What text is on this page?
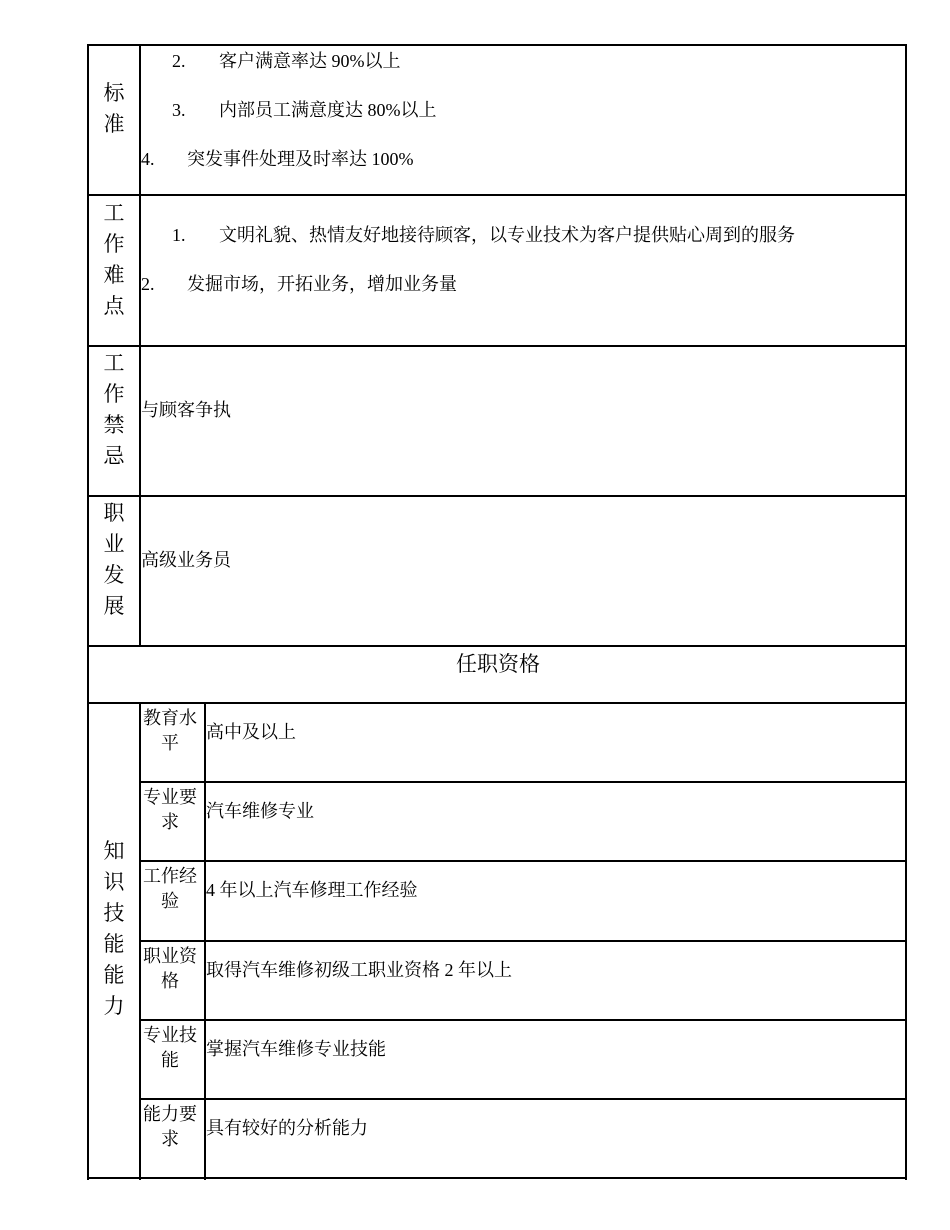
标
准
2. 客户满意率达 90%以上
3. 内部员工满意度达 80%以上
4. 突发事件处理及时率达 100%
工
作
难
点
1. 文明礼貌、热情友好地接待顾客，以专业技术为客户提供贴心周到的服务
2. 发掘市场，开拓业务，增加业务量
工
作
禁
忌
与顾客争执
职
业
发
展
高级业务员
任职资格
知
识
技
能
能
力
教育水
平
高中及以上
专业要
求
汽车维修专业
工作经
验
4 年以上汽车修理工作经验
职业资
格
取得汽车维修初级工职业资格 2 年以上
专业技
能
掌握汽车维修专业技能
能力要
求
具有较好的分析能力
